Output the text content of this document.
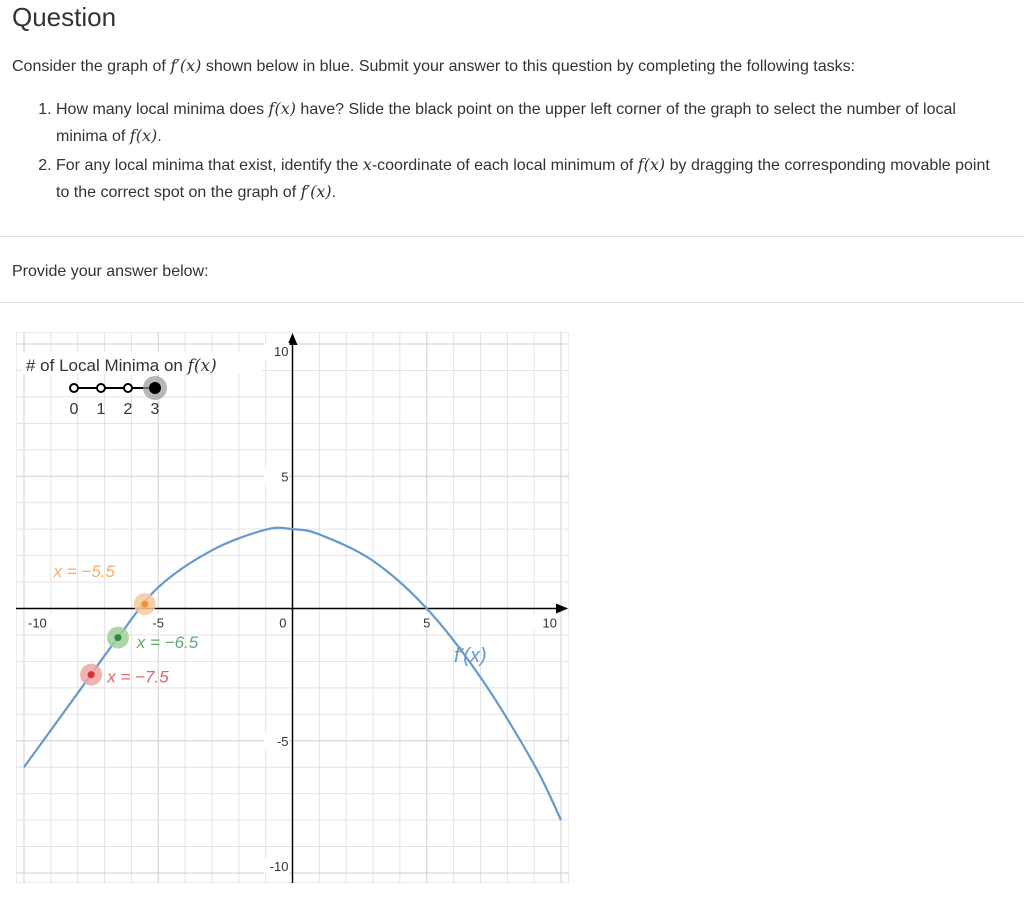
Question
Consider the graph of f′(x) shown below in blue. Submit your answer to this question by completing the following tasks:
1. How many local minima does f(x) have? Slide the black point on the upper left corner of the graph to select the number of local minima of f(x).
2. For any local minima that exist, identify the x-coordinate of each local minimum of f(x) by dragging the corresponding movable point to the correct spot on the graph of f′(x).
Provide your answer below:
-10	-5	0	5	10
10
5
-5
-10
f′(x)
# of Local Minima on f(x)
0 1 2 3
x = −5.5
x = −6.5
x = −7.5
